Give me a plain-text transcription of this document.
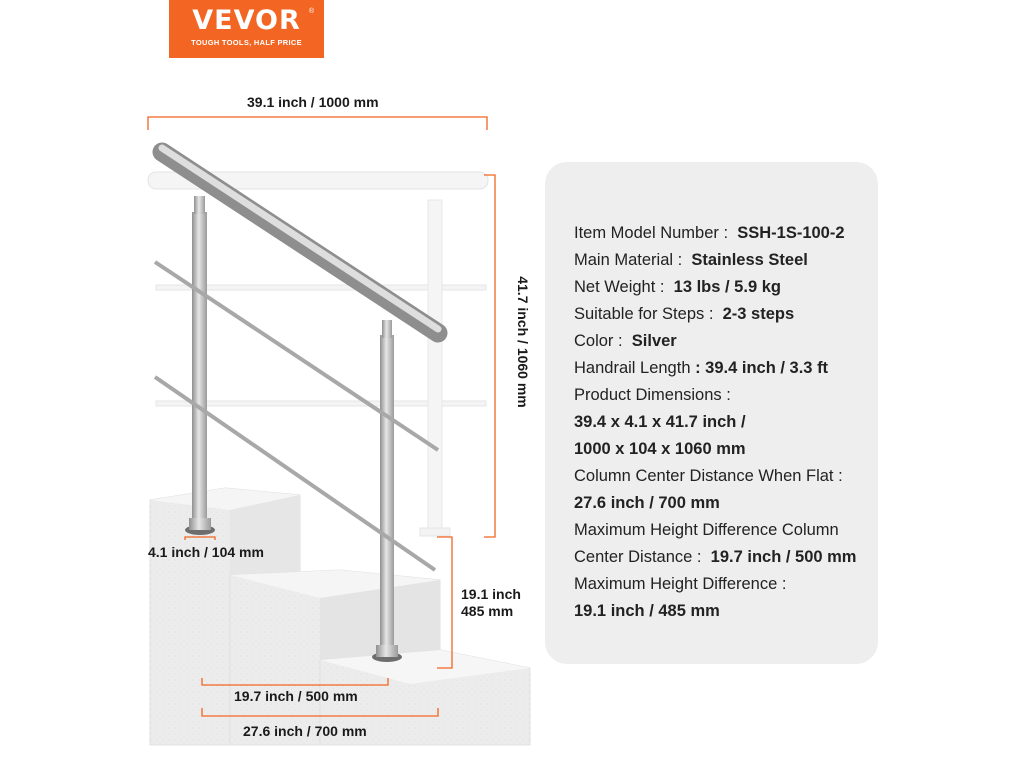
VEVOR
TOUGH TOOLS, HALF PRICE
®
39.1 inch / 1000 mm
41.7 inch / 1060 mm
4.1 inch / 104 mm
19.1 inch
485 mm
19.7 inch / 500 mm
27.6 inch / 700 mm
Item Model Number : SSH-1S-100-2
Main Material : Stainless Steel
Net Weight : 13 lbs / 5.9 kg
Suitable for Steps : 2-3 steps
Color : Silver
Handrail Length : 39.4 inch / 3.3 ft
Product Dimensions :
39.4 x 4.1 x 41.7 inch /
1000 x 104 x 1060 mm
Column Center Distance When Flat :
27.6 inch / 700 mm
Maximum Height Difference Column
Center Distance : 19.7 inch / 500 mm
Maximum Height Difference :
19.1 inch / 485 mm
